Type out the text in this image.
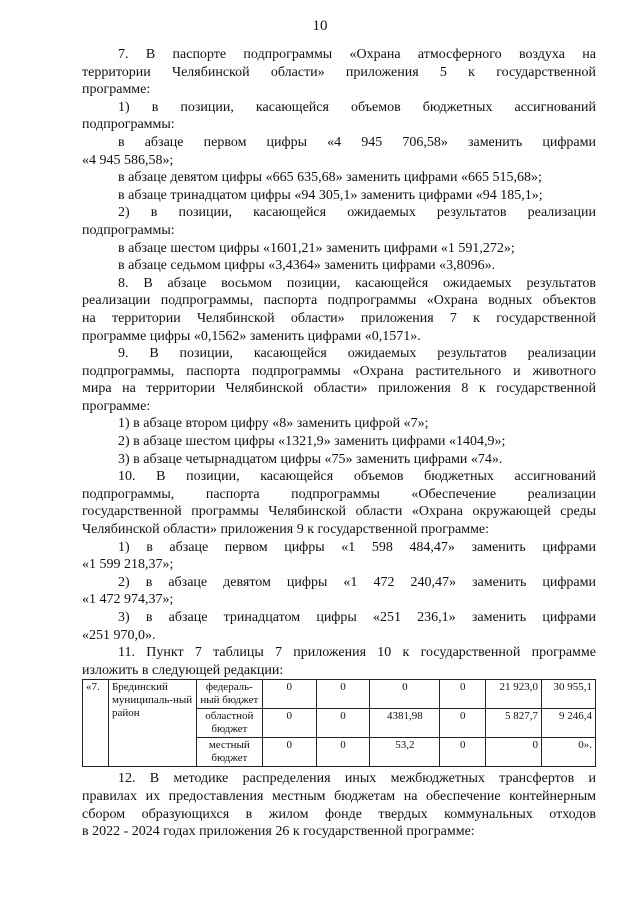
10

7. В паспорте подпрограммы «Охрана атмосферного воздуха на

территории Челябинской области» приложения 5 к государственной

программе:

1) в позиции, касающейся объемов бюджетных ассигнований

подпрограммы:

в абзаце первом цифры «4 945 706,58» заменить цифрами

«4 945 586,58»;

в абзаце девятом цифры «665 635,68» заменить цифрами «665 515,68»;

в абзаце тринадцатом цифры «94 305,1» заменить цифрами «94 185,1»;

2) в позиции, касающейся ожидаемых результатов реализации

подпрограммы:

в абзаце шестом цифры «1601,21» заменить цифрами «1 591,272»;

в абзаце седьмом цифры «3,4364» заменить цифрами «3,8096».

8. В абзаце восьмом позиции, касающейся ожидаемых результатов

реализации подпрограммы, паспорта подпрограммы «Охрана водных объектов

на территории Челябинской области» приложения 7 к государственной

программе цифры «0,1562» заменить цифрами «0,1571».

9. В позиции, касающейся ожидаемых результатов реализации

подпрограммы, паспорта подпрограммы «Охрана растительного и животного

мира на территории Челябинской области» приложения 8 к государственной

программе:

1) в абзаце втором цифру «8» заменить цифрой «7»;

2) в абзаце шестом цифры «1321,9» заменить цифрами «1404,9»;

3) в абзаце четырнадцатом цифры «75» заменить цифрами «74».

10. В позиции, касающейся объемов бюджетных ассигнований

подпрограммы, паспорта подпрограммы «Обеспечение реализации

государственной программы Челябинской области «Охрана окружающей среды

Челябинской области» приложения 9 к государственной программе:

1) в абзаце первом цифры «1 598 484,47» заменить цифрами

«1 599 218,37»;

2) в абзаце девятом цифры «1 472 240,47» заменить цифрами

«1 472 974,37»;

3) в абзаце тринадцатом цифры «251 236,1» заменить цифрами

«251 970,0».

11. Пункт 7 таблицы 7 приложения 10 к государственной программе

изложить в следующей редакции:

«7.	Брединский муниципаль-ный район	федераль-ный бюджет	0	0	0	0	21 923,0	30 955,1
		областной бюджет	0	0	4381,98	0	5 827,7	9 246,4
		местный бюджет	0	0	53,2	0	0	0».

12. В методике распределения иных межбюджетных трансфертов и

правилах их предоставления местным бюджетам на обеспечение контейнерным

сбором образующихся в жилом фонде твердых коммунальных отходов

в 2022 - 2024 годах приложения 26 к государственной программе:
